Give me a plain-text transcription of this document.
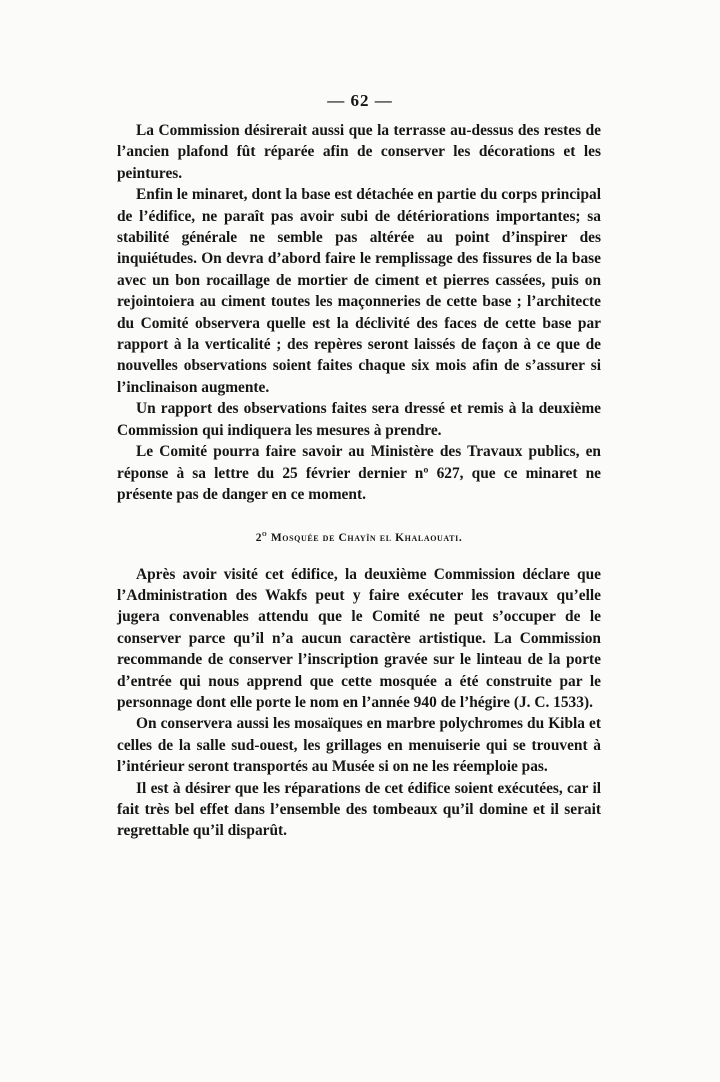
— 62 —

La Commission désirerait aussi que la terrasse au-dessus des restes de l’ancien plafond fût réparée afin de conserver les décorations et les peintures.

Enfin le minaret, dont la base est détachée en partie du corps principal de l’édifice, ne paraît pas avoir subi de détériorations importantes; sa stabilité générale ne semble pas altérée au point d’inspirer des inquiétudes. On devra d’abord faire le remplissage des fissures de la base avec un bon rocaillage de mortier de ciment et pierres cassées, puis on rejointoiera au ciment toutes les maçonneries de cette base ; l’architecte du Comité observera quelle est la déclivité des faces de cette base par rapport à la verticalité ; des repères seront laissés de façon à ce que de nouvelles observations soient faites chaque six mois afin de s’assurer si l’inclinaison augmente.

Un rapport des observations faites sera dressé et remis à la deuxième Commission qui indiquera les mesures à prendre.

Le Comité pourra faire savoir au Ministère des Travaux publics, en réponse à sa lettre du 25 février dernier nº 627, que ce minaret ne présente pas de danger en ce moment.

2$^o$ Mosquée de Chayîn el Khalaouati.

Après avoir visité cet édifice, la deuxième Commission déclare que l’Administration des Wakfs peut y faire exécuter les travaux qu’elle jugera convenables attendu que le Comité ne peut s’occuper de le conserver parce qu’il n’a aucun caractère artistique. La Commission recommande de conserver l’inscription gravée sur le linteau de la porte d’entrée qui nous apprend que cette mosquée a été construite par le personnage dont elle porte le nom en l’année 940 de l’hégire (J. C. 1533).

On conservera aussi les mosaïques en marbre polychromes du Kibla et celles de la salle sud-ouest, les grillages en menuiserie qui se trouvent à l’intérieur seront transportés au Musée si on ne les réemploie pas.

Il est à désirer que les réparations de cet édifice soient exécutées, car il fait très bel effet dans l’ensemble des tombeaux qu’il domine et il serait regrettable qu’il disparût.
